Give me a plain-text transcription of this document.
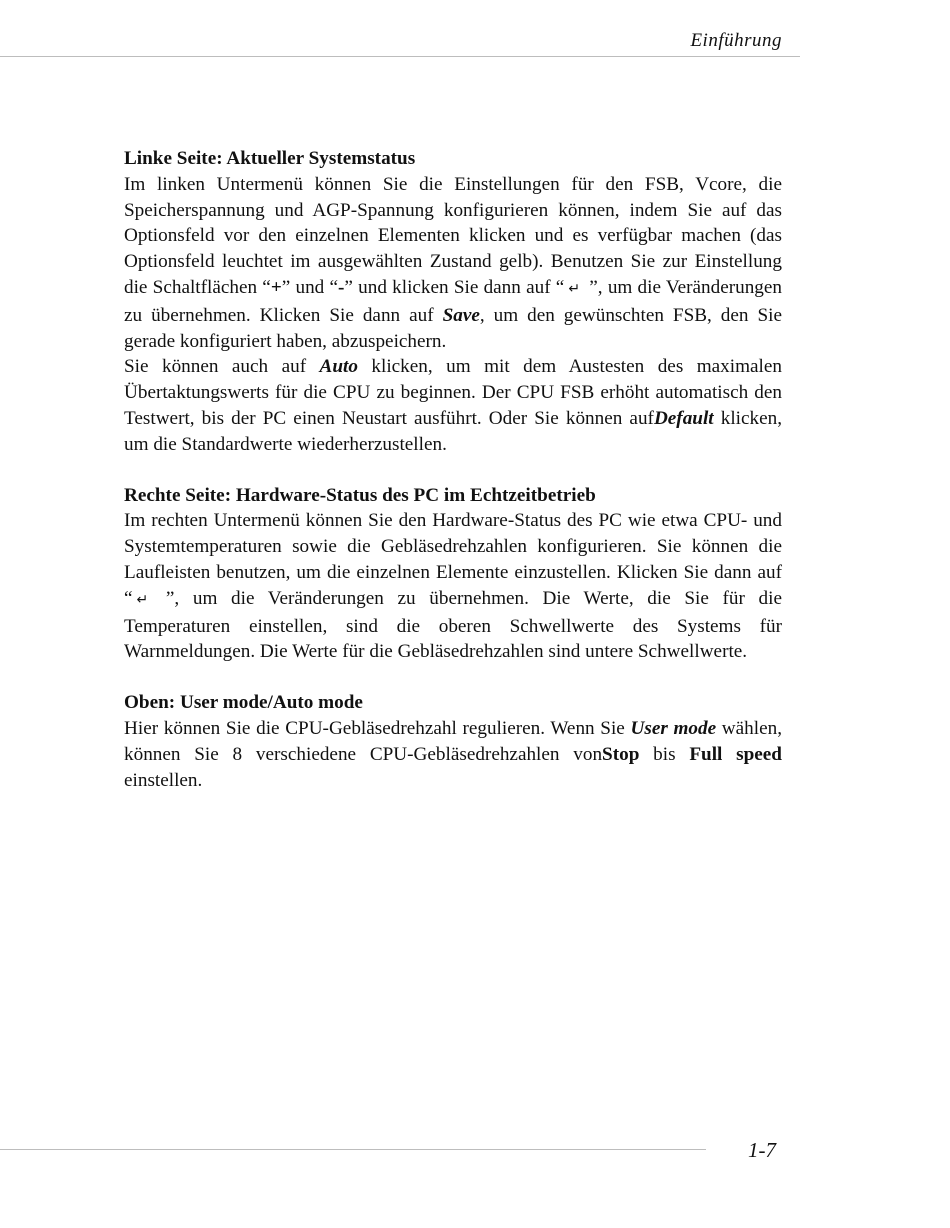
Einführung

Linke Seite: Aktueller Systemstatus

Im linken Untermenü können Sie die Einstellungen für den FSB, Vcore, die Speicherspannung und AGP-Spannung konfigurieren können, indem Sie auf das Optionsfeld vor den einzelnen Elementen klicken und es verfügbar machen (das Optionsfeld leuchtet im ausgewählten Zustand gelb). Benutzen Sie zur Einstellung die Schaltflächen “+” und “-” und klicken Sie dann auf “ ↵ ”, um die Veränderungen zu übernehmen. Klicken Sie dann auf Save, um den gewünschten FSB, den Sie gerade konfiguriert haben, abzuspeichern.

Sie können auch auf Auto klicken, um mit dem Austesten des maximalen Übertaktungswerts für die CPU zu beginnen. Der CPU FSB erhöht automatisch den Testwert, bis der PC einen Neustart ausführt. Oder Sie können aufDefault klicken, um die Standardwerte wiederherzustellen.

Rechte Seite: Hardware-Status des PC im Echtzeitbetrieb

Im rechten Untermenü können Sie den Hardware-Status des PC wie etwa CPU- und Systemtemperaturen sowie die Gebläsedrehzahlen konfigurieren. Sie können die Laufleisten benutzen, um die einzelnen Elemente einzustellen. Klicken Sie dann auf “ ↵ ”, um die Veränderungen zu übernehmen. Die Werte, die Sie für die Temperaturen einstellen, sind die oberen Schwellwerte des Systems für Warnmeldungen. Die Werte für die Gebläsedrehzahlen sind untere Schwellwerte.

Oben: User mode/Auto mode

Hier können Sie die CPU-Gebläsedrehzahl regulieren. Wenn Sie User mode wählen, können Sie 8 verschiedene CPU-Gebläsedrehzahlen vonStop bis Full speed einstellen.

1-7
